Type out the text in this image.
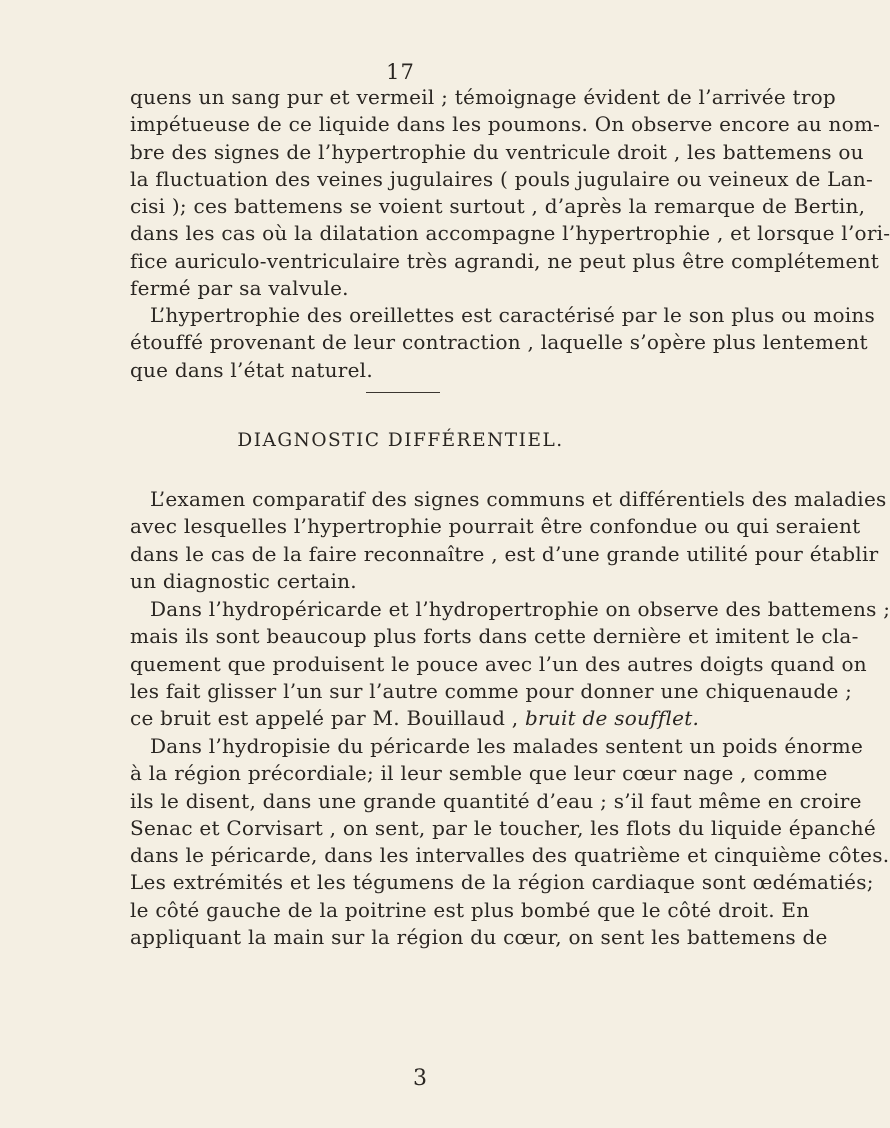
17
quens un sang pur et vermeil ; témoignage évident de l’arrivée trop
impétueuse de ce liquide dans les poumons. On observe encore au nom-
bre des signes de l’hypertrophie du ventricule droit , les battemens ou
la fluctuation des veines jugulaires ( pouls jugulaire ou veineux de Lan-
cisi ); ces battemens se voient surtout , d’après la remarque de Bertin,
dans les cas où la dilatation accompagne l’hypertrophie , et lorsque l’ori-
fice auriculo-ventriculaire très agrandi, ne peut plus être complétement
fermé par sa valvule.
L’hypertrophie des oreillettes est caractérisé par le son plus ou moins
étouffé provenant de leur contraction , laquelle s’opère plus lentement
que dans l’état naturel.
DIAGNOSTIC DIFFÉRENTIEL.
L’examen comparatif des signes communs et différentiels des maladies
avec lesquelles l’hypertrophie pourrait être confondue ou qui seraient
dans le cas de la faire reconnaître , est d’une grande utilité pour établir
un diagnostic certain.
Dans l’hydropéricarde et l’hydropertrophie on observe des battemens ;
mais ils sont beaucoup plus forts dans cette dernière et imitent le cla-
quement que produisent le pouce avec l’un des autres doigts quand on
les fait glisser l’un sur l’autre comme pour donner une chiquenaude ;
ce bruit est appelé par M. Bouillaud , bruit de soufflet.
Dans l’hydropisie du péricarde les malades sentent un poids énorme
à la région précordiale; il leur semble que leur cœur nage , comme
ils le disent, dans une grande quantité d’eau ; s’il faut même en croire
Senac et Corvisart , on sent, par le toucher, les flots du liquide épanché
dans le péricarde, dans les intervalles des quatrième et cinquième côtes.
Les extrémités et les tégumens de la région cardiaque sont œdématiés;
le côté gauche de la poitrine est plus bombé que le côté droit. En
appliquant la main sur la région du cœur, on sent les battemens de
3
